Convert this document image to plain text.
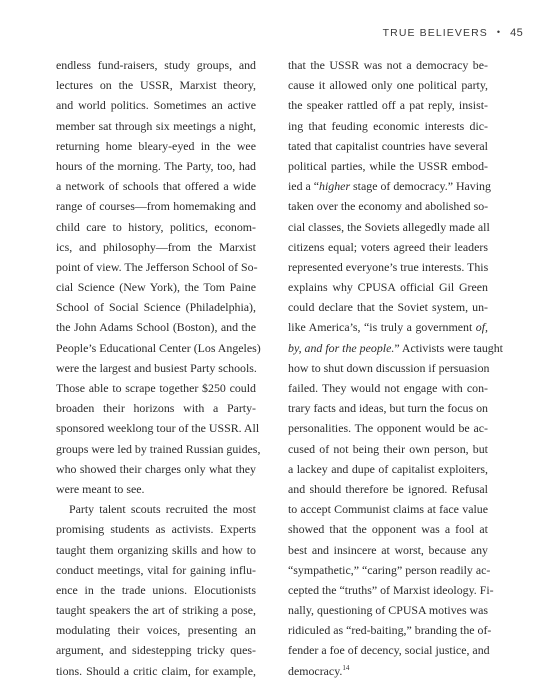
TRUE BELIEVERS • 45
endless fund-raisers, study groups, and
lectures on the USSR, Marxist theory,
and world politics. Sometimes an active
member sat through six meetings a night,
returning home bleary-eyed in the wee
hours of the morning. The Party, too, had
a network of schools that offered a wide
range of courses—from homemaking and
child care to history, politics, econom-
ics, and philosophy—from the Marxist
point of view. The Jefferson School of So-
cial Science (New York), the Tom Paine
School of Social Science (Philadelphia),
the John Adams School (Boston), and the
People’s Educational Center (Los Angeles)
were the largest and busiest Party schools.
Those able to scrape together $250 could
broaden their horizons with a Party-
sponsored weeklong tour of the USSR. All
groups were led by trained Russian guides,
who showed their charges only what they
were meant to see.
Party talent scouts recruited the most
promising students as activists. Experts
taught them organizing skills and how to
conduct meetings, vital for gaining influ-
ence in the trade unions. Elocutionists
taught speakers the art of striking a pose,
modulating their voices, presenting an
argument, and sidestepping tricky ques-
tions. Should a critic claim, for example,
that the USSR was not a democracy be-
cause it allowed only one political party,
the speaker rattled off a pat reply, insist-
ing that feuding economic interests dic-
tated that capitalist countries have several
political parties, while the USSR embod-
ied a “higher stage of democracy.” Having
taken over the economy and abolished so-
cial classes, the Soviets allegedly made all
citizens equal; voters agreed their leaders
represented everyone’s true interests. This
explains why CPUSA official Gil Green
could declare that the Soviet system, un-
like America’s, “is truly a government of,
by, and for the people.” Activists were taught
how to shut down discussion if persuasion
failed. They would not engage with con-
trary facts and ideas, but turn the focus on
personalities. The opponent would be ac-
cused of not being their own person, but
a lackey and dupe of capitalist exploiters,
and should therefore be ignored. Refusal
to accept Communist claims at face value
showed that the opponent was a fool at
best and insincere at worst, because any
“sympathetic,” “caring” person readily ac-
cepted the “truths” of Marxist ideology. Fi-
nally, questioning of CPUSA motives was
ridiculed as “red-baiting,” branding the of-
fender a foe of decency, social justice, and
democracy.$^{14}$
